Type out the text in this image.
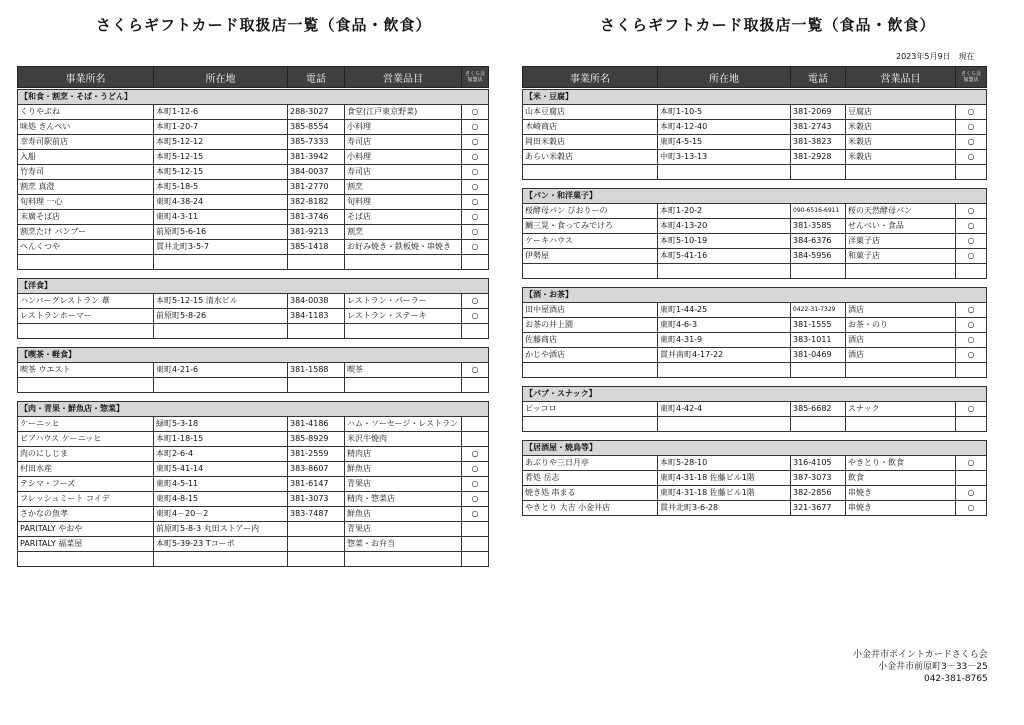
さくらギフトカード取扱店一覧（食品・飲食）	さくらギフトカード取扱店一覧（食品・飲食）
2023年5月9日　現在
事業所名	所在地	電話	営業品目	さくら会
加盟店
【和食・割烹・そば・うどん】				
くりやぶね	本町1-12-6	288-3027	食堂(江戸東京野菜)	○
味処 きんぺい	本町1-20-7	385-8554	小料理	○
幸寿司駅前店	本町5-12-12	385-7333	寿司店	○
入船	本町5-12-15	381-3942	小料理	○
竹寿司	本町5-12-15	384-0037	寿司店	○
割烹 真澄	本町5-18-5	381-2770	割烹	○
旬料理 一心	東町4-38-24	382-8182	旬料理	○
末廣そば店	東町4-3-11	381-3746	そば店	○
割烹たけ バンブー	前原町5-6-16	381-9213	割烹	○
へんくつや	貫井北町3-5-7	385-1418	お好み焼き・鉄板焼・串焼き	○

【洋食】				
ハンバーグレストラン 葦	本町5-12-15 清水ビル	384-0038	レストラン・パーラー	○
レストランホーマー	前原町5-8-26	384-1183	レストラン・ステーキ	○

【喫茶・軽食】				
喫茶 ウエスト	東町4-21-6	381-1588	喫茶	○

【肉・青果・鮮魚店・惣菜】				
ケーニッヒ	緑町5-3-18	381-4186	ハム・ソーセージ・レストラン	
ビアハウス ケーニッヒ	本町1-18-15	385-8929	米沢牛焼肉	
肉のにしじま	本町2-6-4	381-2559	精肉店	○
村田水産	東町5-41-14	383-8607	鮮魚店	○
テシマ・フーズ	東町4-5-11	381-6147	青果店	○
フレッシュミート コイデ	東町4-8-15	381-3073	精肉・惣菜店	○
さかなの魚孝	東町4－20－2	383-7487	鮮魚店	○
PARITALY やおや	前原町5-8-3 丸田ストアー内		青果店	
PARITALY 福菜屋	本町5-39-23 Tコーポ		惣菜・お弁当	

事業所名	所在地	電話	営業品目	さくら会
加盟店
【米・豆腐】				
山本豆腐店	本町1-10-5	381-2069	豆腐店	○
木崎商店	本町4-12-40	381-2743	米穀店	○
岡田米穀店	東町4-5-15	381-3823	米穀店	○
あらい米穀店	中町3-13-13	381-2928	米穀店	○

【パン・和洋菓子】				
桜酵母パン びおりーの	本町1-20-2	090-6516-6911	桜の天然酵母パン	○
鯛三晃・食ってみでけろ	本町4-13-20	381-3585	せんべい・食品	○
ケーキハウス	本町5-10-19	384-6376	洋菓子店	○
伊勢屋	本町5-41-16	384-5956	和菓子店	○

【酒・お茶】				
田中屋酒店	東町1-44-25	0422-31-7329	酒店	○
お茶の井上園	東町4-6-3	381-1555	お茶・のり	○
佐藤商店	東町4-31-9	383-1011	酒店	○
かじや酒店	貫井南町4-17-22	381-0469	酒店	○

【パブ・スナック】				
ピッコロ	東町4-42-4	385-6682	スナック	○

【居酒屋・焼鳥等】				
あぶりや三日月亭	本町5-28-10	316-4105	やきとり・飲食	○
肴処 岳志	東町4-31-18 佐藤ビル1階	387-3073	飲食	
焼き処 串まる	東町4-31-18 佐藤ビル1階	382-2856	串焼き	○
やきとり 大吉 小金井店	貫井北町3-6-28	321-3677	串焼き	○
小金井市ポイントカードさくら会
小金井市前原町3－33－25
042-381-8765
